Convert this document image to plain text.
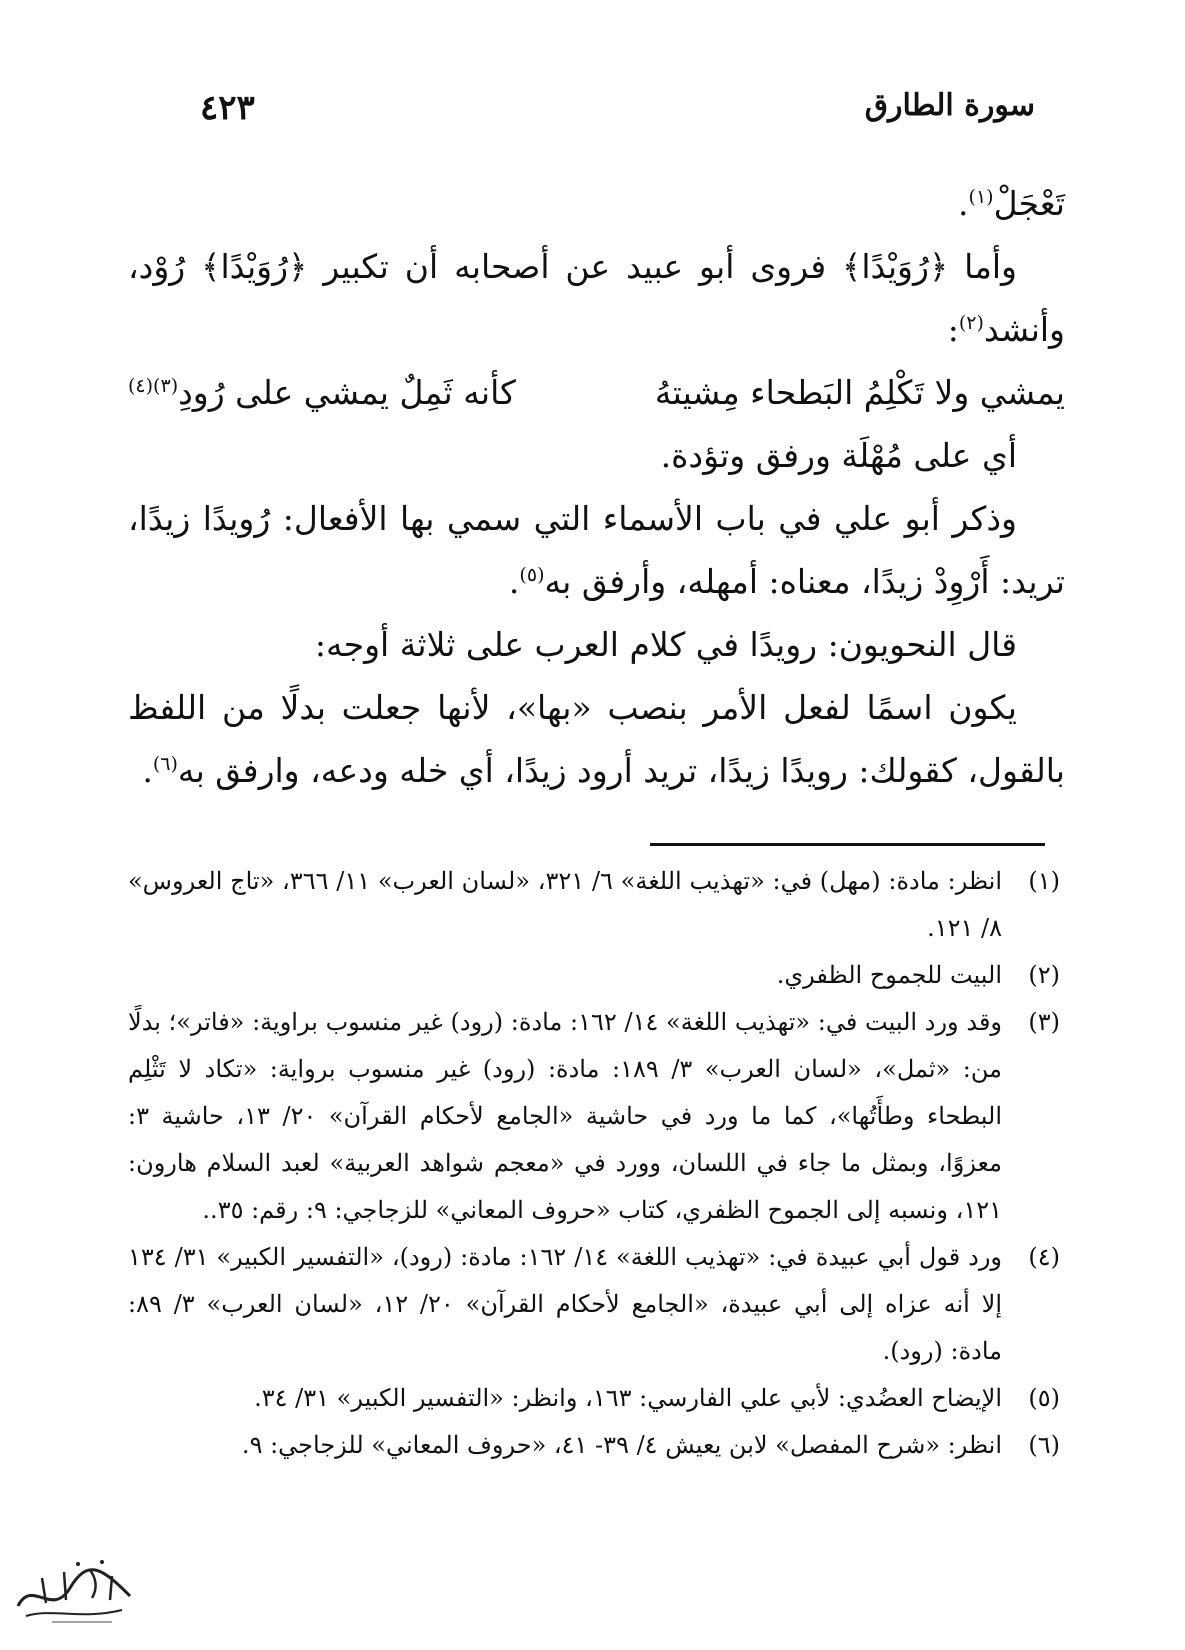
٤٢٣	سورة الطارق

تَعْجَلْ$^{(١)}$.

وأما ﴿رُوَيْدًا﴾ فروى أبو عبيد عن أصحابه أن تكبير ﴿رُوَيْدًا﴾ رُوْد، وأنشد$^{(٢)}$:

يمشي ولا تَكْلِمُ البَطحاء مِشيتهُ
كأنه ثَمِلٌ يمشي على رُودِ$^{(٣)(٤)}$

أي على مُهْلَة ورفق وتؤدة.

وذكر أبو علي في باب الأسماء التي سمي بها الأفعال: رُويدًا زيدًا، تريد: أَرْوِدْ زيدًا، معناه: أمهله، وأرفق به$^{(٥)}$.

قال النحويون: رويدًا في كلام العرب على ثلاثة أوجه:

يكون اسمًا لفعل الأمر بنصب «بها»، لأنها جعلت بدلًا من اللفظ بالقول، كقولك: رويدًا زيدًا، تريد أرود زيدًا، أي خله ودعه، وارفق به$^{(٦)}$.

(١)
انظر: مادة: (مهل) في: «تهذيب اللغة» ٦/ ٣٢١، «لسان العرب» ١١/ ٣٦٦، «تاج العروس» ٨/ ١٢١.
(٢)
البيت للجموح الظفري.
(٣)
وقد ورد البيت في: «تهذيب اللغة» ١٤/ ١٦٢: مادة: (رود) غير منسوب براوية: «فاتر»؛ بدلًا من: «ثمل»، «لسان العرب» ٣/ ١٨٩: مادة: (رود) غير منسوب برواية: «تكاد لا تَثْلِم البطحاء وطأَتُها»، كما ما ورد في حاشية «الجامع لأحكام القرآن» ٢٠/ ١٣، حاشية ٣: معزوًا، وبمثل ما جاء في اللسان، وورد في «معجم شواهد العربية» لعبد السلام هارون: ١٢١، ونسبه إلى الجموح الظفري، كتاب «حروف المعاني» للزجاجي: ٩: رقم: ٣٥..
(٤)
ورد قول أبي عبيدة في: «تهذيب اللغة» ١٤/ ١٦٢: مادة: (رود)، «التفسير الكبير» ٣١/ ١٣٤ إلا أنه عزاه إلى أبي عبيدة، «الجامع لأحكام القرآن» ٢٠/ ١٢، «لسان العرب» ٣/ ٨٩: مادة: (رود).
(٥)
الإيضاح العضُدي: لأبي علي الفارسي: ١٦٣، وانظر: «التفسير الكبير» ٣١/ ٣٤.
(٦)
انظر: «شرح المفصل» لابن يعيش ٤/ ٣٩- ٤١، «حروف المعاني» للزجاجي: ٩.
